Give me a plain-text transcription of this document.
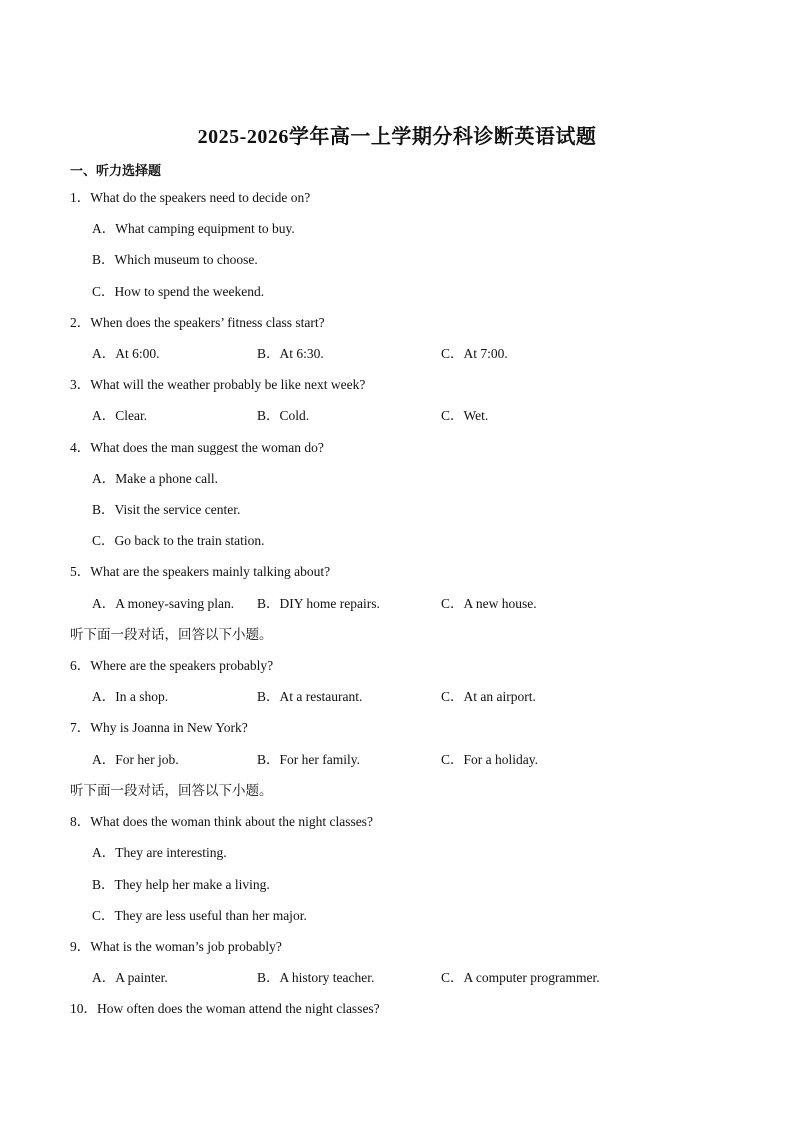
2025-2026学年高一上学期分科诊断英语试题
一、听力选择题
1．What do the speakers need to decide on?
A．What camping equipment to buy.
B．Which museum to choose.
C．How to spend the weekend.
2．When does the speakers’ fitness class start?
A．At 6:00.	B．At 6:30.	C．At 7:00.
3．What will the weather probably be like next week?
A．Clear.	B．Cold.	C．Wet.
4．What does the man suggest the woman do?
A．Make a phone call.
B．Visit the service center.
C．Go back to the train station.
5．What are the speakers mainly talking about?
A．A money-saving plan. B．DIY home repairs.	C．A new house.
听下面一段对话，回答以下小题。
6．Where are the speakers probably?
A．In a shop.	B．At a restaurant.	C．At an airport.
7．Why is Joanna in New York?
A．For her job.	B．For her family.	C．For a holiday.
听下面一段对话，回答以下小题。
8．What does the woman think about the night classes?
A．They are interesting.
B．They help her make a living.
C．They are less useful than her major.
9．What is the woman’s job probably?
A．A painter.	B．A history teacher.	C．A computer programmer.
10．How often does the woman attend the night classes?
